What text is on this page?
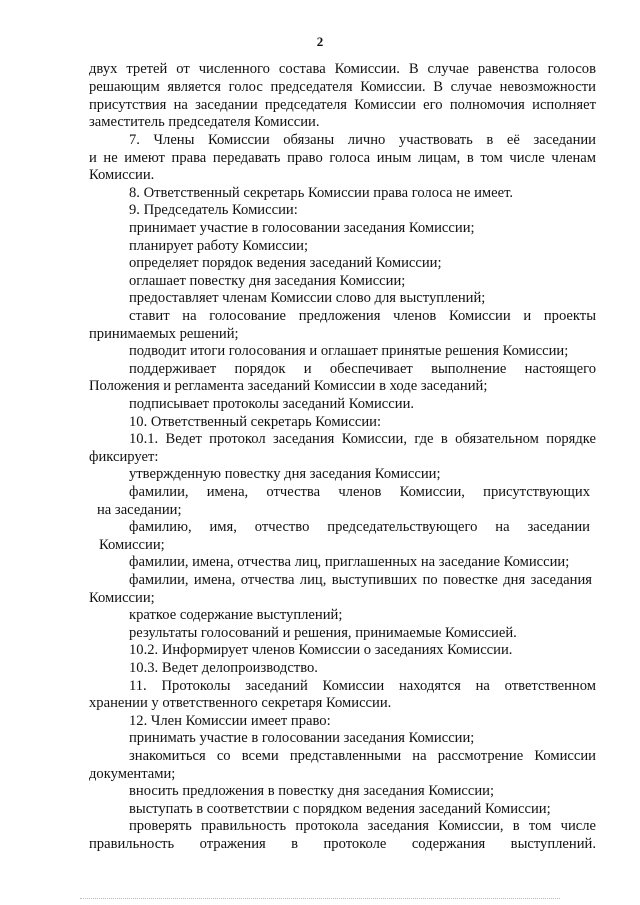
2
двух третей от численного состава Комиссии. В случае равенства голосов
решающим является голос председателя Комиссии. В случае невозможности
присутствия на заседании председателя Комиссии его полномочия исполняет
заместитель председателя Комиссии.
7. Члены Комиссии обязаны лично участвовать в её заседании
и не имеют права передавать право голоса иным лицам, в том числе членам
Комиссии.
8. Ответственный секретарь Комиссии права голоса не имеет.
9. Председатель Комиссии:
принимает участие в голосовании заседания Комиссии;
планирует работу Комиссии;
определяет порядок ведения заседаний Комиссии;
оглашает повестку дня заседания Комиссии;
предоставляет членам Комиссии слово для выступлений;
ставит на голосование предложения членов Комиссии и проекты
принимаемых решений;
подводит итоги голосования и оглашает принятые решения Комиссии;
поддерживает порядок и обеспечивает выполнение настоящего
Положения и регламента заседаний Комиссии в ходе заседаний;
подписывает протоколы заседаний Комиссии.
10. Ответственный секретарь Комиссии:
10.1. Ведет протокол заседания Комиссии, где в обязательном порядке
фиксирует:
утвержденную повестку дня заседания Комиссии;
фамилии, имена, отчества членов Комиссии, присутствующих
на заседании;
фамилию, имя, отчество председательствующего на заседании
Комиссии;
фамилии, имена, отчества лиц, приглашенных на заседание Комиссии;
фамилии, имена, отчества лиц, выступивших по повестке дня заседания
Комиссии;
краткое содержание выступлений;
результаты голосований и решения, принимаемые Комиссией.
10.2. Информирует членов Комиссии о заседаниях Комиссии.
10.3. Ведет делопроизводство.
11. Протоколы заседаний Комиссии находятся на ответственном
хранении у ответственного секретаря Комиссии.
12. Член Комиссии имеет право:
принимать участие в голосовании заседания Комиссии;
знакомиться со всеми представленными на рассмотрение Комиссии
документами;
вносить предложения в повестку дня заседания Комиссии;
выступать в соответствии с порядком ведения заседаний Комиссии;
проверять правильность протокола заседания Комиссии, в том числе
правильность отражения в протоколе содержания выступлений.
